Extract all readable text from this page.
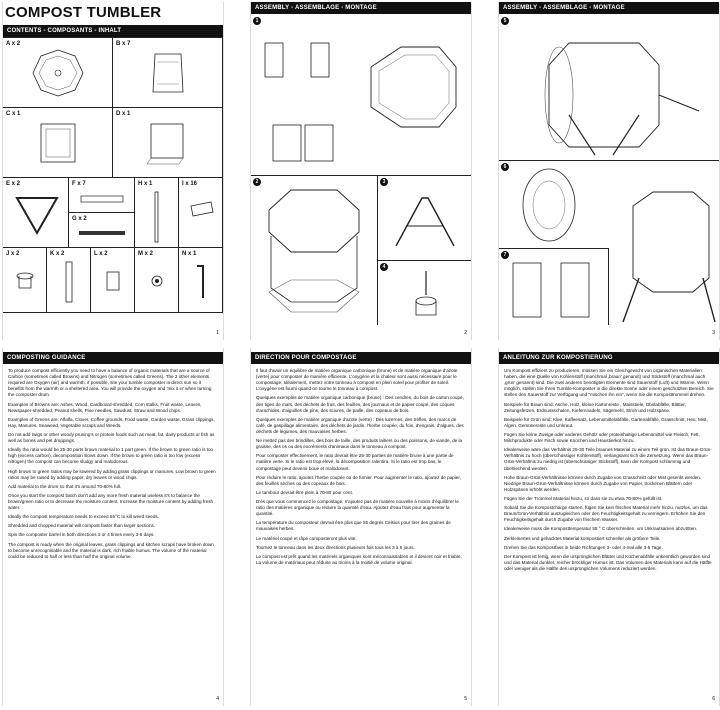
COMPOST TUMBLER
CONTENTS - COMPOSANTS - INHALT
A x 2	B x 7
C x 1	D x 1
E x 2	F x 7
G x 2
H x 1	I x 16
J x 2	K x 2	L x 2	M x 2	N x 1
1
ASSEMBLY - ASSEMBLAGE - MONTAGE
1
2	3
4
2
ASSEMBLY - ASSEMBLAGE - MONTAGE
5
6
7
3
COMPOSTING GUIDANCE

To produce compost efficiently you need to have a balance of organic materials that are a source of Carbon (sometimes called Browns) and Nitrogen (sometimes called Greens). The 2 other elements required are Oxygen (air) and warmth, if possible, site your tumble composter in direct sun so it benefits from the warmth or a sheltered area. You will provide the oxygen and 'mix it in' when turning the composter drum.

Examples of Browns are: Ashes, Wood, Cardboard-shredded, Corn stalks, Fruit waste, Leaves, Newspaper-shredded, Peanut shells, Pine needles, Sawdust, Straw and Wood chips.

Examples of Greens are: Alfalfa, Clover, Coffee grounds, Food waste, Garden waste, Grass clippings, Hay, Manures, Seaweed, Vegetable scraps and Weeds.

Do not add twigs or other woody pruning's or protein foods such as meat, fat, dairy products or fish as well as bones and pet droppings.

Ideally the ratio would be 25-30 parts brown material to 1 part green. If the brown to green ratio is too high (excess carbon), decomposition slows down. If the brown to green ratio is too low (excess nitrogen) the compost can become sludgy and malodorous.

High brown to green ratios may be lowered by adding grass clippings or manures. Low brown to green ratios may be raised by adding paper, dry leaves or wood chips.

Add material to the drum so that it's around 70-80% full.

Once you start the compost batch don't add any more fresh material useless it's to balance the brown/green ratio or to decrease the moisture content. Increase the moisture content by adding fresh water.

Ideally the compost temperature needs to exceed 55°C to kill weed seeds.

Shredded and chopped material will compost faster than larger sections.

Spin the composter barrel in both directions 3 or 4 times every 3-5 days.

The compost is ready when the original leaves, grass clippings and kitchen scraps have broken down to become unrecognisable and the material is dark, rich friable humus. The volume of the material could be reduced to half or less than half the original volume.

4
DIRECTION POUR COMPOSTAGE

Il faut d'avoir un équilibre de matière organique carbonique (brune) et de matière organique d'azote (verte) pour composter de manière efficiente. L'oxygène et la chaleur sont aussi nécessaire pour le compostage. Idéalement, mettez votre tonneau à compost en plein soleil pour profiter de soleil. L'oxygène est fourni quand on tourne le tonneau à compost.

Quelques exemples de matière organique carbonique (brune) : Des cendres, du bois de carton coupé, des tiges de maïs, des déchets de fruit, des feuilles, des journaux et de papier coupé, des coques d'arachides, d'aiguilles de pins, des sciures, de paille, des copeaux de bois.

Quelques exemples de matière organique d'azote (verte) : Des luzernes, des trèfles, des marcs de café, de gaspillage alimentaire, des déchets de jardin, l'herbe coupée, du foin, d'engrais, d'algues, des déchets de légumes, des mauvaises herbes.

Ne mettez pas des brindilles, des bois de taille, des produits laitiers ou des poissons, de viande, de la graisse, des os ou des excréments d'animaux dans le tonneau à compost.

Pour composter effectivement, le ratio devrait être 25-30 parties de matière brune à une partie de matière verte. Si le ratio est trop élevé, la décomposition ralentira. Si le ratio est trop bas, le compostage peut devenir boue et malodorant.

Pour réduire le ratio, ajoutez l'herbe coupée ou de fumier. Pour augmenter le ratio, ajoutez de papier, des feuilles sèches ou des copeaux de bois.

Le tambour devrait être plein à 70-80 pour cent.

D'és que vous commencez le compostage, n'ajoutez pas de matière nouvelle à moins d'équilibrer le ratio des matières organique ou réduire la quantité d'eau. Ajoutez d'eau frais pour augmenter la quantité.

La température du composteur devrait être plus que 55 degrés Celsius pour tirer des graines de mauvaises herbes.

Le matériel coupé et râpé composteront plus vite.

Tournez le tonneau dans les deux directions plusieurs fois tous les 3 à 5 jours.

Le compost est prêt quand les matériels organiques sont méconnaissables et il devient noir et friable. La volume de matériaux peut réduire au moins à la moitié de volume original.

5
ANLEITUNG ZUR KOMPOSTIERUNG

Um Kompost effizient zu produzieren, müssen Sie ein Gleichgewicht von organischen Materialien haben, die eine Quelle von Kohlenstoff (manchmal ‚braun' genannt) und Stickstoff (manchmal auch ‚grün' genannt) sind. Die zwei anderen benötigten Elemente sind Sauerstoff (Luft) und Wärme. Wenn möglich, stellen Sie Ihren Tumble-Komposter in die direkte Sonne oder einem geschützten Bereich. Sie stellen den Sauerstoff zur Verfügung und "mischen ihn ein", wenn Sie die Komposttrommel drehen.

Beispiele für Braun sind: Asche, Holz, kleine Kartonreste , Maisstiele, Obstabfälle, Blätter, Zeitungsfetzen, Erdnussschalen, Kiefernnadeln, Sägemehl, Stroh und Holzspäne.

Beispiele für Grün sind: Klee, Kaffeesatz, Lebensmittelabfälle, Gartenabfälle, Grasschnitt, Heu, Mist, Algen, Gemüsereste und Unkraut.

Fügen Sie keine Zweige oder anderes Gehölz oder proteinhaltige Lebensmittel wie Fleisch, Fett, Milchprodukte oder Fisch sowie Knochen und Haustierkot hinzu.

Idealerweise wäre das Verhältnis 25-30 Teile braunes Material zu einem Teil grün. Ist das Braun-Grün-Verhältnis zu hoch (überschüssiger Kohlenstoff), verlangsamt sich die Zersetzung. Wenn das Braun-Grün-Verhältnis zu niedrig ist (überschüssiger Stickstoff), kann der Kompost schlammig und übelriechend werden.

Hohe Braun-Grün-Verhältnisse können durch Zugabe von Grasschnitt oder Mist gesenkt werden. Niedrige Braun-Grün-Verhältnisse können durch Zugabe von Papier, trockenen Blättern oder Holzspänen erhöht werden.

Fügen Sie der Trommel Material hinzu, so dass sie zu etwa 70-80% gefüllt ist.

Sobald Sie die Kompostcharge starten, fügen Sie kein frisches Material mehr hinzu, nutzlos, um das Braun/Grün-Verhältnis auszugleichen oder den Feuchtigkeitsgehalt zu verringern. Erhöhen Sie den Feuchtigkeitsgehalt durch Zugabe von frischem Wasser.

Idealerweise muss die Komposttemperatur 55 ° C überschreiten, um Unkrautsamen abzutöten.

Zerkleinertes und gehacktes Material kompostiert schneller als größere Teile.

Drehen Sie das Kompostfass in beide Richtungen 3- oder 4-mal alle 3-5 Tage.

Der Kompost ist fertig, wenn die ursprünglichen Blätter und Küchenabfälle unkenntlich geworden sind und das Material dunkler, reicher bröckliger Humus ist. Das Volumen des Materials kann auf die Hälfte oder weniger als die Hälfte des ursprünglichen Volumens reduziert werden.

6
